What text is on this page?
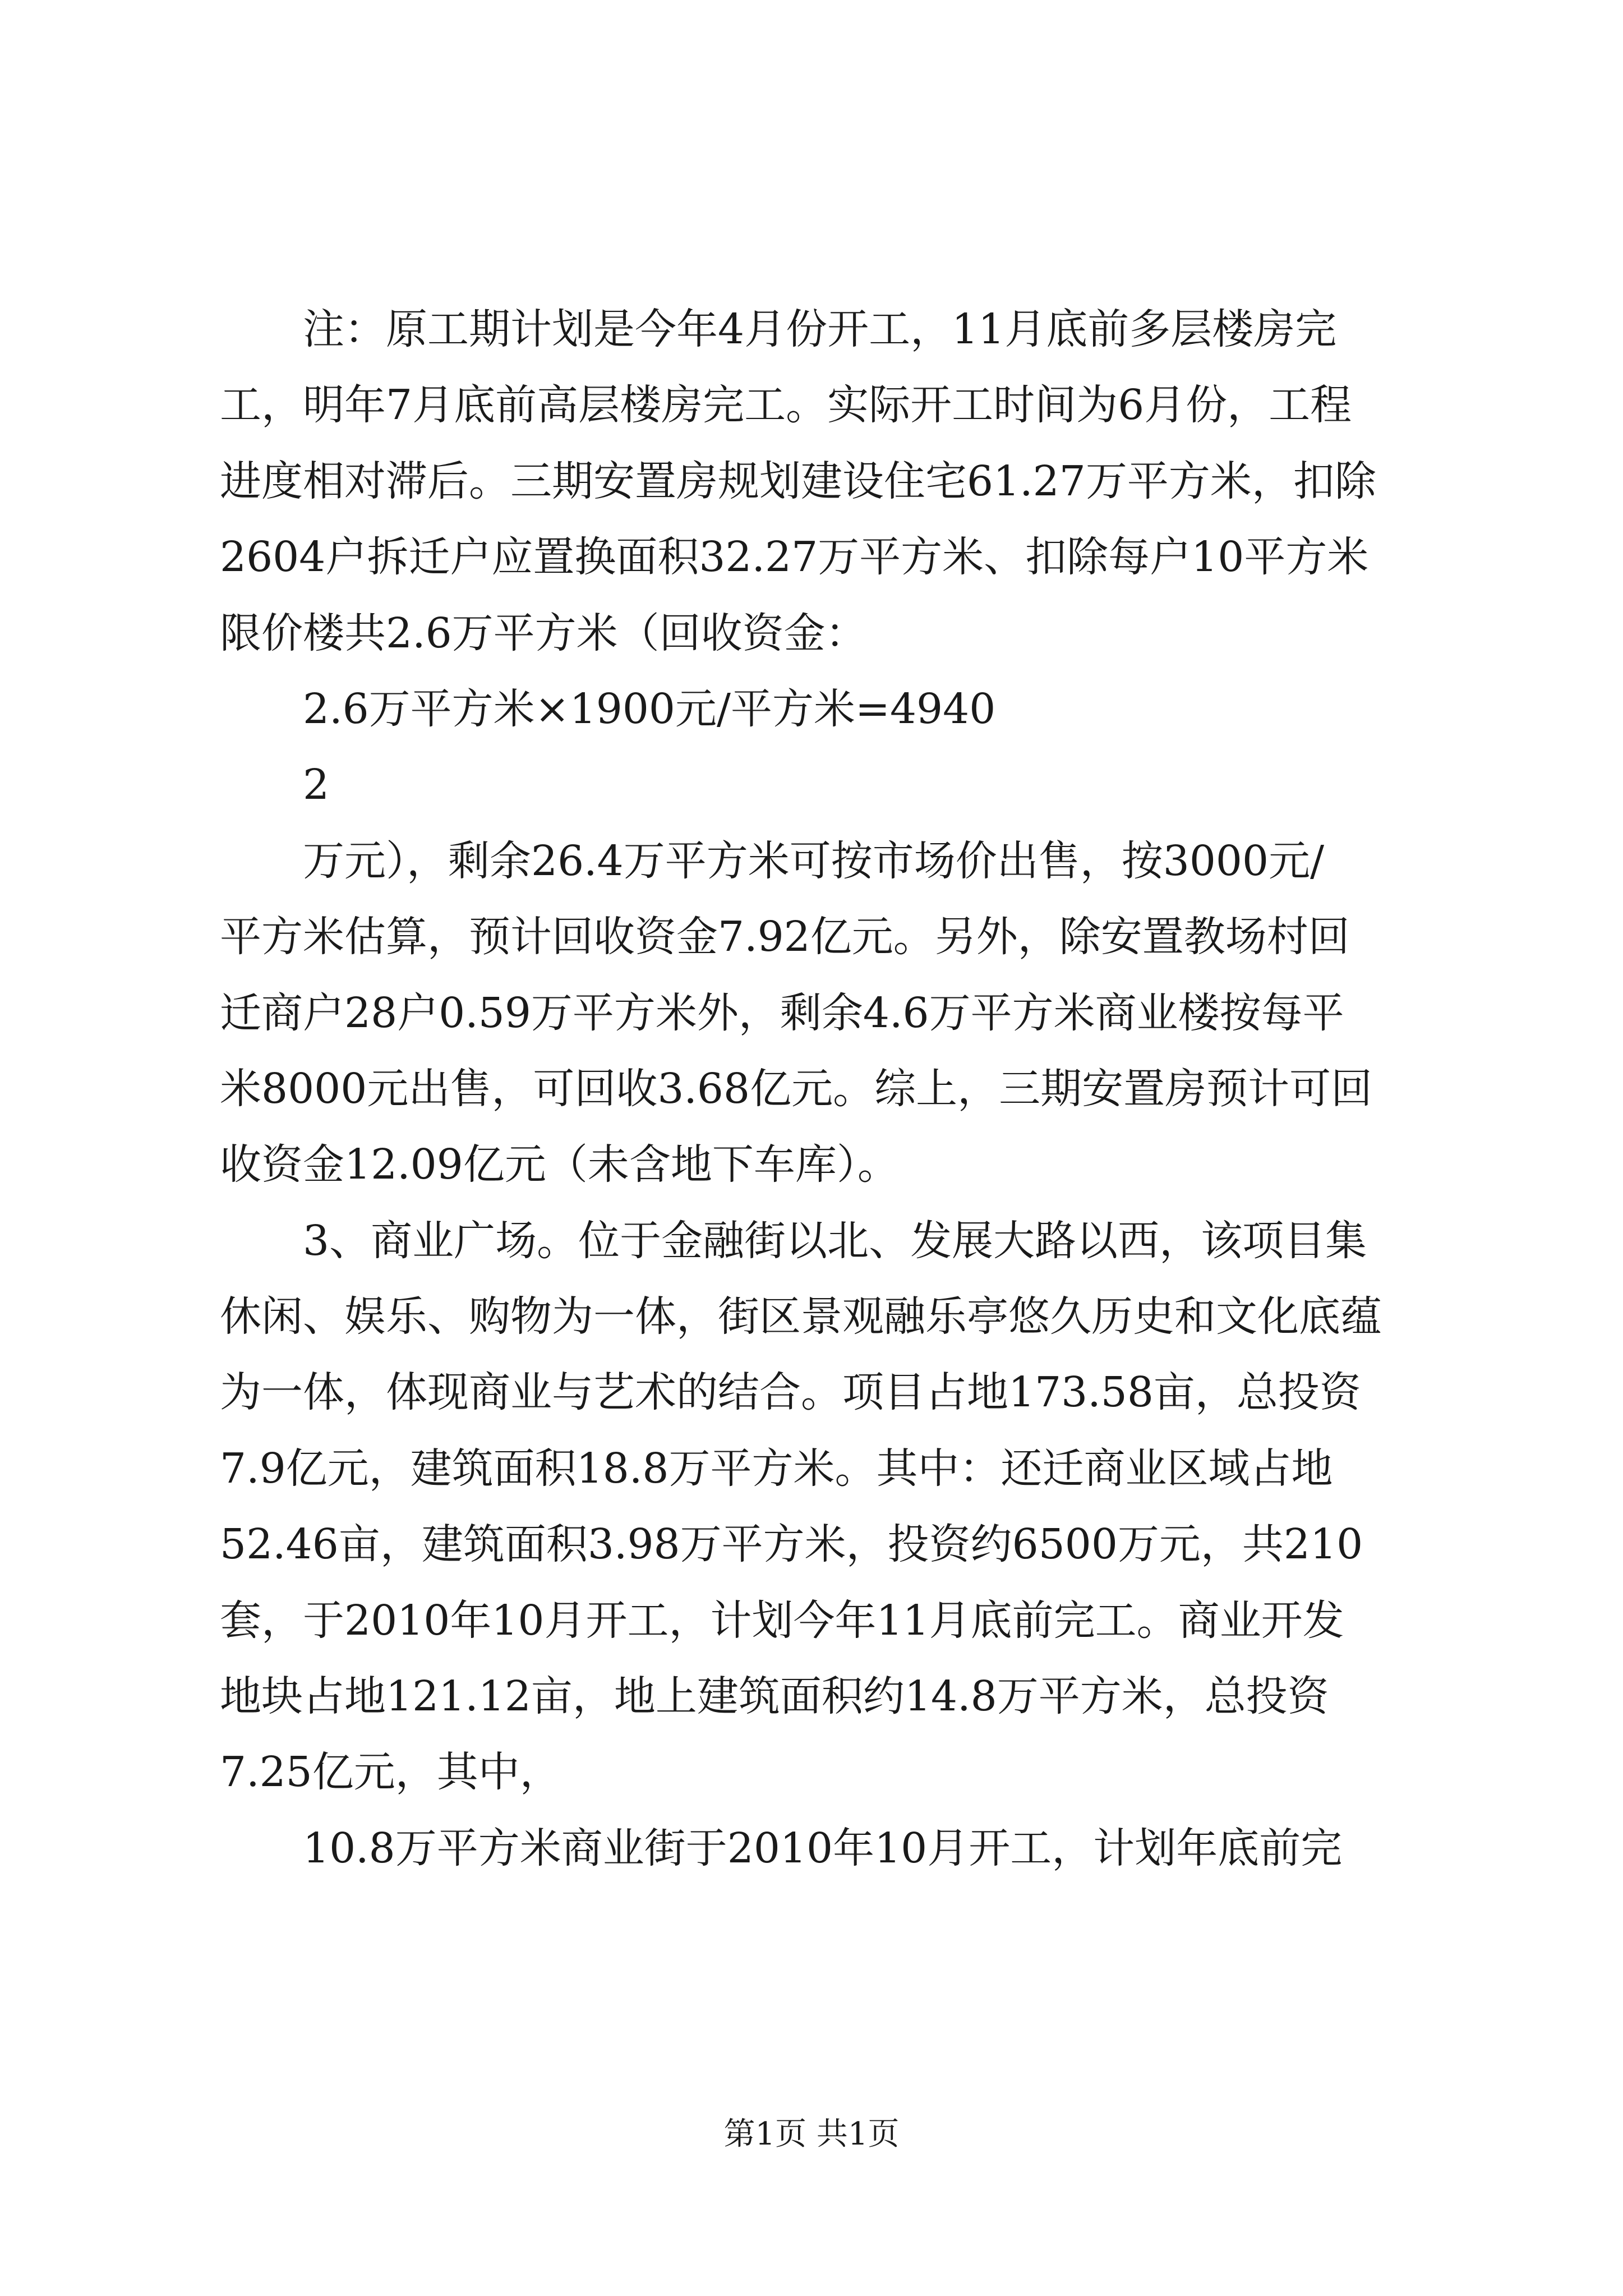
注：原工期计划是今年4月份开工，11月底前多层楼房完
工，明年7月底前高层楼房完工。实际开工时间为6月份，工程
进度相对滞后。三期安置房规划建设住宅61.27万平方米，扣除
2604户拆迁户应置换面积32.27万平方米、扣除每户10平方米
限价楼共2.6万平方米（回收资金：
2.6万平方米×1900元/平方米=4940
2
万元），剩余26.4万平方米可按市场价出售，按3000元/
平方米估算，预计回收资金7.92亿元。另外，除安置教场村回
迁商户28户0.59万平方米外，剩余4.6万平方米商业楼按每平
米8000元出售，可回收3.68亿元。综上，三期安置房预计可回
收资金12.09亿元（未含地下车库）。
3、商业广场。位于金融街以北、发展大路以西，该项目集
休闲、娱乐、购物为一体，街区景观融乐亭悠久历史和文化底蕴
为一体，体现商业与艺术的结合。项目占地173.58亩，总投资
7.9亿元，建筑面积18.8万平方米。其中：还迁商业区域占地
52.46亩，建筑面积3.98万平方米，投资约6500万元，共210
套，于2010年10月开工，计划今年11月底前完工。商业开发
地块占地121.12亩，地上建筑面积约14.8万平方米，总投资
7.25亿元，其中，
10.8万平方米商业街于2010年10月开工，计划年底前完
第1页 共1页
